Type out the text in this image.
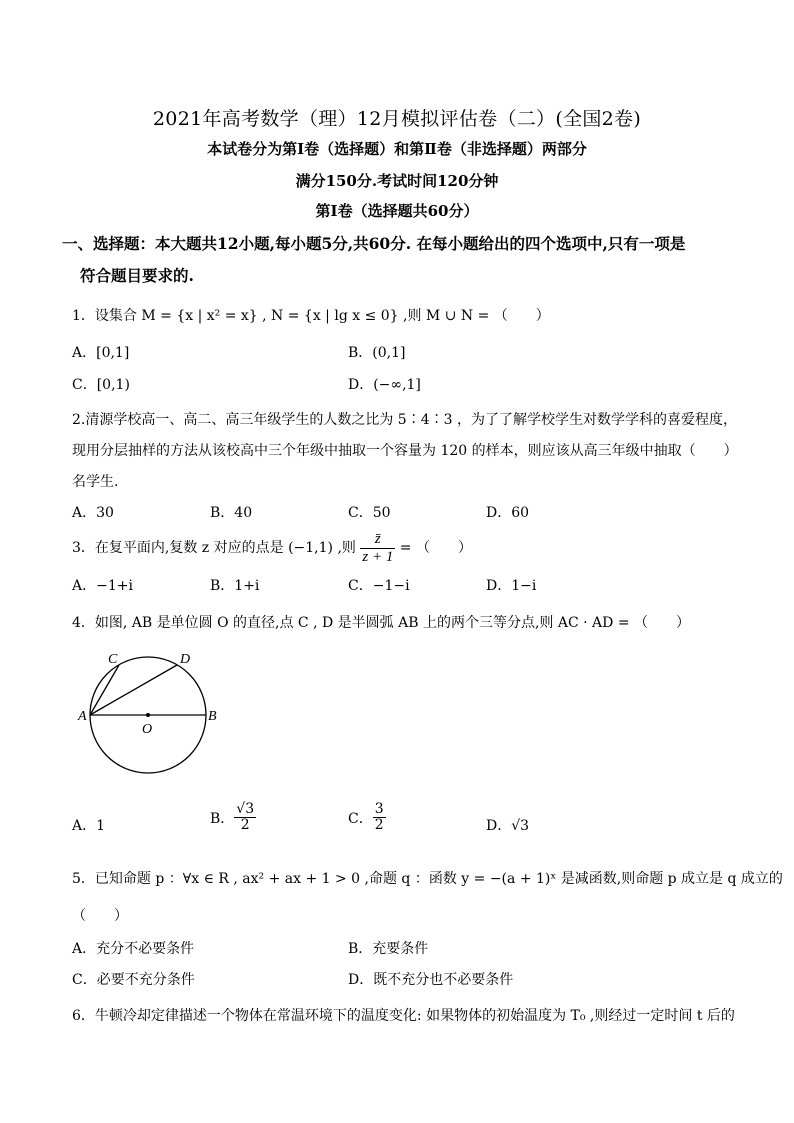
2021年高考数学（理）12月模拟评估卷（二）(全国2卷)
本试卷分为第Ⅰ卷（选择题）和第Ⅱ卷（非选择题）两部分
满分150分.考试时间120分钟
第Ⅰ卷（选择题共60分）
一、选择题：本大题共12小题,每小题5分,共60分. 在每小题给出的四个选项中,只有一项是
符合题目要求的.
1．设集合 M = {x | x² = x} , N = {x | lg x ≤ 0} ,则 M ∪ N = （　　）
A．[0,1]	B．(0,1]
C．[0,1)	D．(−∞,1]
2.清源学校高一、高二、高三年级学生的人数之比为 5∶4∶3 ，为了了解学校学生对数学学科的喜爱程度，
现用分层抽样的方法从该校高中三个年级中抽取一个容量为 120 的样本，则应该从高三年级中抽取（　　）
名学生.
A．30	B．40	C．50	D．60
3．在复平面内,复数 z 对应的点是 (−1,1) ,则 $\frac{z̄}{z + 1}$ = （　　）
A．−1+i	B．1+i	C．−1−i	D．1−i
4．如图, AB 是单位圆 O 的直径,点 C , D 是半圆弧 AB 上的两个三等分点,则 AC · AD = （　　）
A	B
C	D
O
A．1	B． $\frac{√3}{2}$	C． $\frac{3}{2}$	D．√3
5．已知命题 p ：∀x ∈ R , ax² + ax + 1 > 0 ,命题 q ：函数 y = −(a + 1)ˣ 是减函数,则命题 p 成立是 q 成立的
（　　）
A．充分不必要条件	B．充要条件
C．必要不充分条件	D．既不充分也不必要条件
6．牛顿冷却定律描述一个物体在常温环境下的温度变化: 如果物体的初始温度为 T₀ ,则经过一定时间 t 后的
